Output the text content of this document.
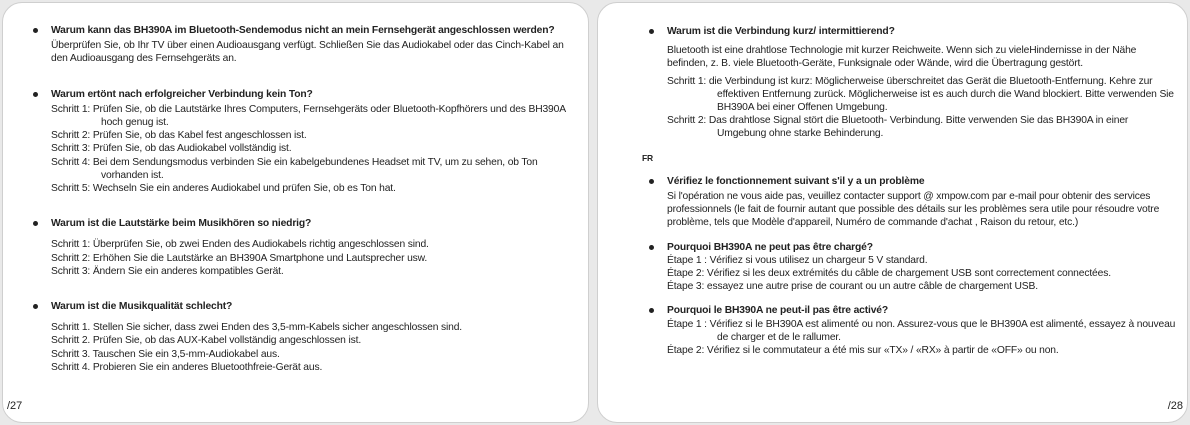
Warum kann das BH390A im Bluetooth-Sendemodus nicht an mein Fernsehgerät angeschlossen werden?
Überprüfen Sie, ob Ihr TV über einen Audioausgang verfügt. Schließen Sie das Audiokabel oder das Cinch-Kabel an den Audioausgang des Fernsehgeräts an.
Warum ertönt nach erfolgreicher Verbindung kein Ton?
Schritt 1: Prüfen Sie, ob die Lautstärke Ihres Computers, Fernsehgeräts oder Bluetooth-Kopfhörers und des BH390A hoch genug ist.
Schritt 2: Prüfen Sie, ob das Kabel fest angeschlossen ist.
Schritt 3: Prüfen Sie, ob das Audiokabel vollständig ist.
Schritt 4: Bei dem Sendungsmodus verbinden Sie ein kabelgebundenes Headset mit TV, um zu sehen, ob Ton vorhanden ist.
Schritt 5: Wechseln Sie ein anderes Audiokabel und prüfen Sie, ob es Ton hat.
Warum ist die Lautstärke beim Musikhören so niedrig?
Schritt 1: Überprüfen Sie, ob zwei Enden des Audiokabels richtig angeschlossen sind.
Schritt 2: Erhöhen Sie die Lautstärke an BH390A Smartphone und Lautsprecher usw.
Schritt 3: Ändern Sie ein anderes kompatibles Gerät.
Warum ist die Musikqualität schlecht?
Schritt 1. Stellen Sie sicher, dass zwei Enden des 3,5-mm-Kabels sicher angeschlossen sind.
Schritt 2. Prüfen Sie, ob das AUX-Kabel vollständig angeschlossen ist.
Schritt 3. Tauschen Sie ein 3,5-mm-Audiokabel aus.
Schritt 4. Probieren Sie ein anderes Bluetoothfreie-Gerät aus.
/27
Warum ist die Verbindung kurz/ intermittierend?
Bluetooth ist eine drahtlose Technologie mit kurzer Reichweite. Wenn sich zu vieleHindernisse in der Nähe befinden, z. B. viele Bluetooth-Geräte, Funksignale oder Wände, wird die Übertragung gestört.
Schritt 1: die Verbindung ist kurz: Möglicherweise überschreitet das Gerät die Bluetooth-Entfernung. Kehre zur effektiven Entfernung zurück. Möglicherweise ist es auch durch die Wand blockiert. Bitte verwenden Sie BH390A bei einer Offenen Umgebung.
Schritt 2: Das drahtlose Signal stört die Bluetooth- Verbindung. Bitte verwenden Sie das BH390A in einer Umgebung ohne starke Behinderung.
FR
Vérifiez le fonctionnement suivant s'il y a un problème
Si l'opération ne vous aide pas, veuillez contacter support @ xmpow.com par e-mail pour obtenir des services professionnels (le fait de fournir autant que possible des détails sur les problèmes sera utile pour résoudre votre problème, tels que Modèle d'appareil, Numéro de commande d'achat , Raison du retour, etc.)
Pourquoi BH390A ne peut pas être chargé?
Étape 1 : Vérifiez si vous utilisez un chargeur 5 V standard.
Étape 2: Vérifiez si les deux extrémités du câble de chargement USB sont correctement connectées.
Étape 3: essayez une autre prise de courant ou un autre câble de chargement USB.
Pourquoi le BH390A ne peut-il pas être activé?
Étape 1 : Vérifiez si le BH390A est alimenté ou non. Assurez-vous que le BH390A est alimenté, essayez à nouveau de charger et de le rallumer.
Étape 2: Vérifiez si le commutateur a été mis sur «TX» / «RX» à partir de «OFF» ou non.
/28
